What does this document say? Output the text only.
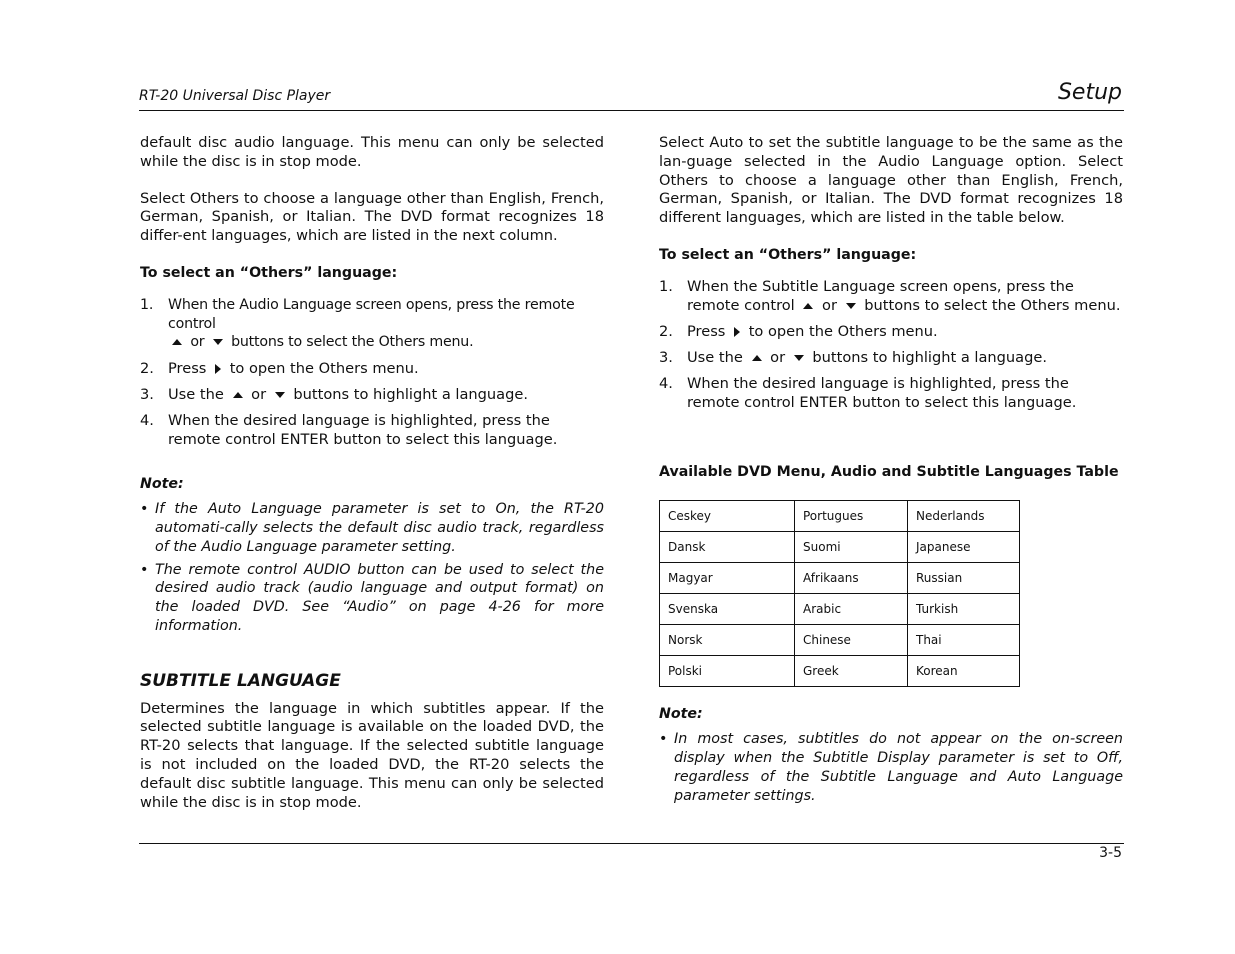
RT-20 Universal Disc Player	Setup

default disc audio language. This menu can only be selected while the disc is in stop mode.

Select Others to choose a language other than English, French, German, Spanish, or Italian. The DVD format recognizes 18 differ-ent languages, which are listed in the next column.

To select an “Others” language:

1. When the Audio Language screen opens, press the remote control
or buttons to select the Others menu.
2. Press to open the Others menu.
3. Use the or buttons to highlight a language.
4. When the desired language is highlighted, press the remote control ENTER button to select this language.
Note:
• If the Auto Language parameter is set to On, the RT-20 automati-cally selects the default disc audio track, regardless of the Audio Language parameter setting.
• The remote control AUDIO button can be used to select the desired audio track (audio language and output format) on the loaded DVD. See “Audio” on page 4-26 for more information.
SUBTITLE LANGUAGE

Determines the language in which subtitles appear. If the selected subtitle language is available on the loaded DVD, the RT-20 selects that language. If the selected subtitle language is not included on the loaded DVD, the RT-20 selects the default disc subtitle language. This menu can only be selected while the disc is in stop mode.

Select Auto to set the subtitle language to be the same as the lan-guage selected in the Audio Language option. Select Others to choose a language other than English, French, German, Spanish, or Italian. The DVD format recognizes 18 different languages, which are listed in the table below.

To select an “Others” language:

1. When the Subtitle Language screen opens, press the remote control or buttons to select the Others menu.
2. Press to open the Others menu.
3. Use the or buttons to highlight a language.
4. When the desired language is highlighted, press the remote control ENTER button to select this language.
Available DVD Menu, Audio and Subtitle Languages Table
Ceskey	Portugues	Nederlands
Dansk	Suomi	Japanese
Magyar	Afrikaans	Russian
Svenska	Arabic	Turkish
Norsk	Chinese	Thai
Polski	Greek	Korean
Note:
• In most cases, subtitles do not appear on the on-screen display when the Subtitle Display parameter is set to Off, regardless of the Subtitle Language and Auto Language parameter settings.
3-5
